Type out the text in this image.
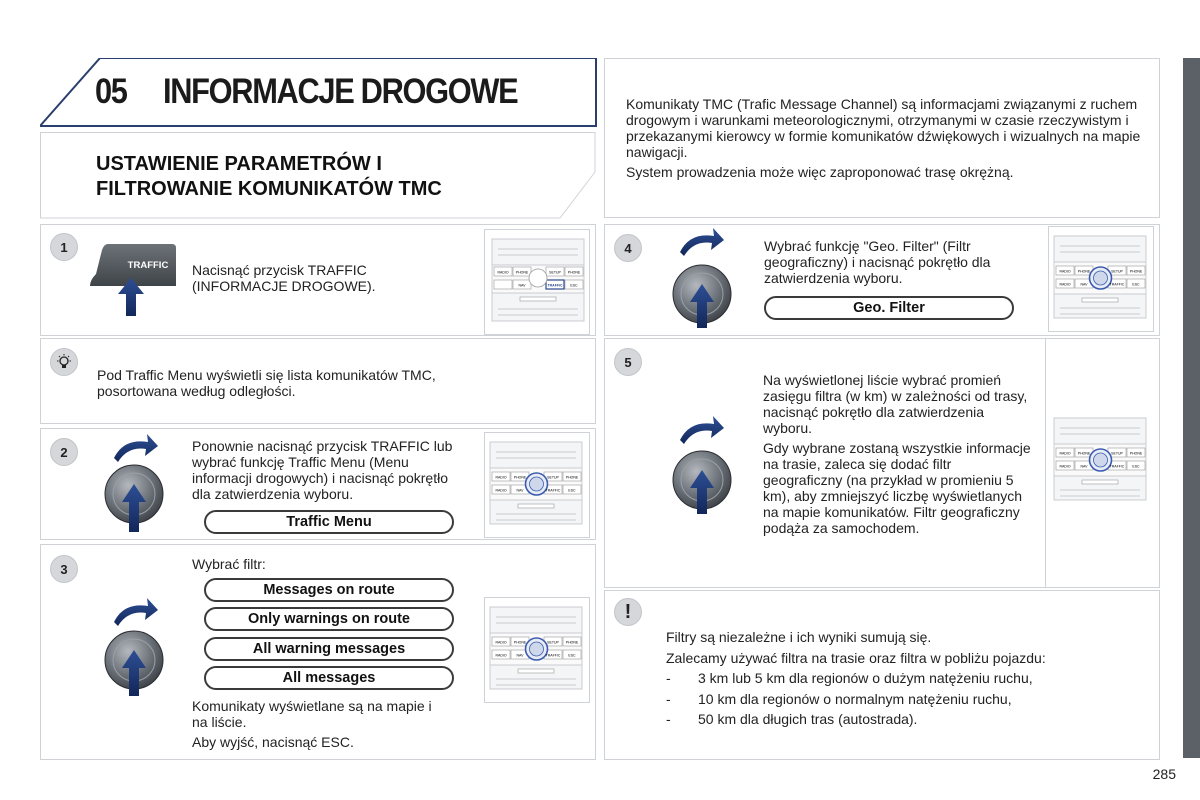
05 INFORMACJE DROGOWE
USTAWIENIE PARAMETRÓW I
FILTROWANIE KOMUNIKATÓW TMC

Komunikaty TMC (Trafic Message Channel) są informacjami związanymi z ruchem drogowym i warunkami meteorologicznymi, otrzymanymi w czasie rzeczywistym i przekazanymi kierowcy w formie komunikatów dźwiękowych i wizualnych na mapie nawigacji.

System prowadzenia może więc zaproponować trasę okrężną.

1
TRAFFIC Nacisnąć przycisk TRAFFIC (INFORMACJE DROGOWE).
RADIO PHONE	SETUP PHONE
NAV	TRAFFIC ESC
Pod Traffic Menu wyświetli się lista komunikatów TMC, posortowana według odległości.
2	Ponownie nacisnąć przycisk TRAFFIC lub wybrać funkcję Traffic Menu (Menu informacji drogowych) i nacisnąć pokrętło dla zatwierdzenia wyboru.
Traffic Menu
RADIO PHONE	SETUP PHONE
RADIO	NAV	TRAFFIC ESC
3	Wybrać filtr:
Messages on route
Only warnings on route
All warning messages
All messages

Komunikaty wyświetlane są na mapie i na liście.

Aby wyjść, nacisnąć ESC.

RADIO PHONE	SETUP PHONE
RADIO	NAV	TRAFFIC ESC
4	Wybrać funkcję "Geo. Filter" (Filtr geograficzny) i nacisnąć pokrętło dla zatwierdzenia wyboru.
Geo. Filter
RADIO PHONE	SETUP PHONE
RADIO	NAV	TRAFFIC ESC
5

Na wyświetlonej liście wybrać promień zasięgu filtra (w km) w zależności od trasy, nacisnąć pokrętło dla zatwierdzenia wyboru.

Gdy wybrane zostaną wszystkie informacje na trasie, zaleca się dodać filtr geograficzny (na przykład w promieniu 5 km), aby zmniejszyć liczbę wyświetlanych na mapie komunikatów. Filtr geograficzny podąża za samochodem.

RADIO PHONE	SETUP PHONE
RADIO	NAV	TRAFFIC ESC
!

Filtry są niezależne i ich wyniki sumują się.

Zalecamy używać filtra na trasie oraz filtra w pobliżu pojazdu:

- 3 km lub 5 km dla regionów o dużym natężeniu ruchu,

- 10 km dla regionów o normalnym natężeniu ruchu,

- 50 km dla długich tras (autostrada).

285
